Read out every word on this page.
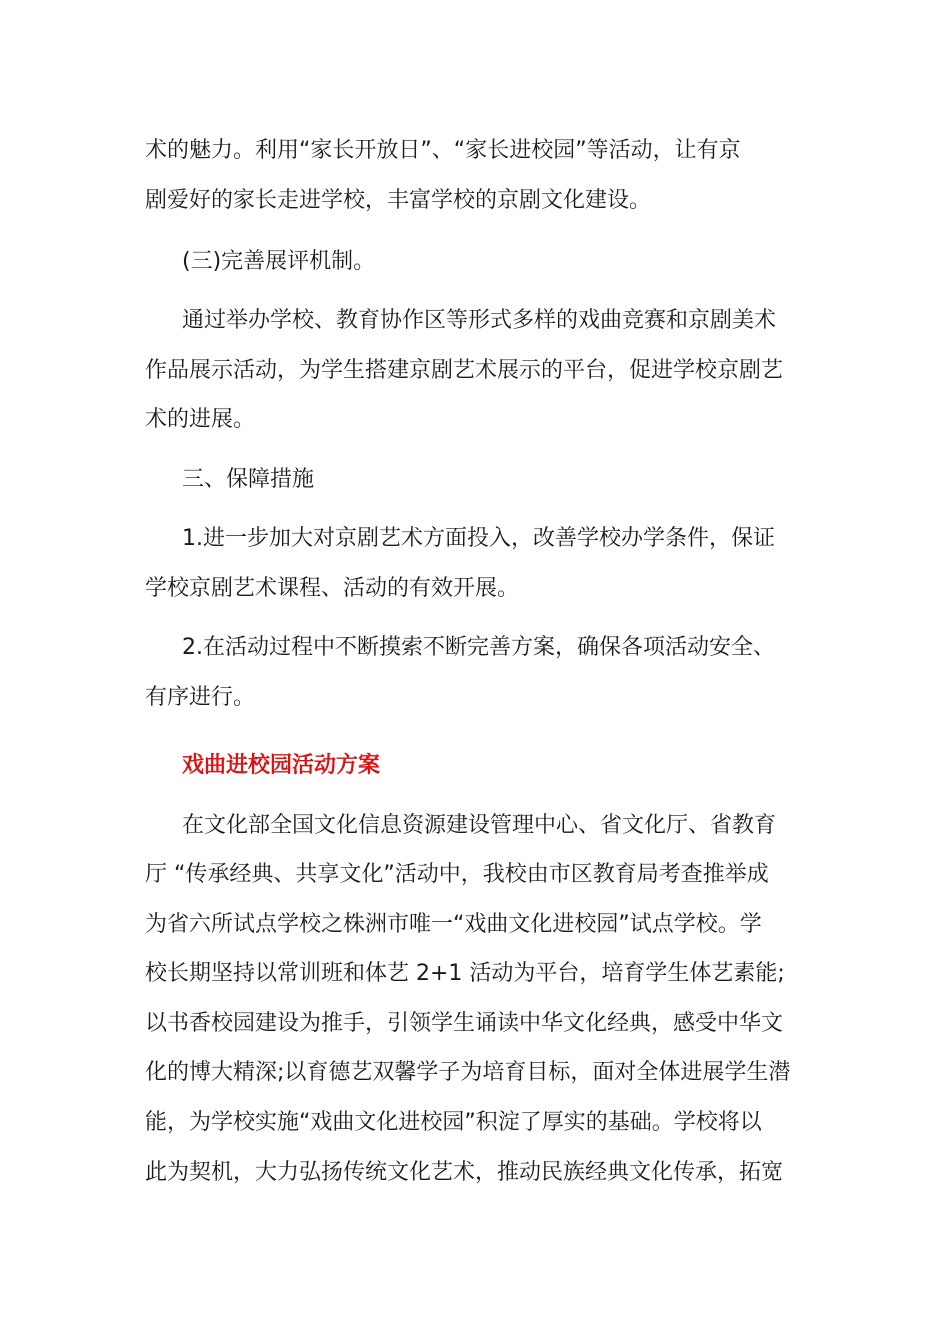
术的魅力。利用“家长开放日”、“家长进校园”等活动，让有京
剧爱好的家长走进学校，丰富学校的京剧文化建设。
(三)完善展评机制。
通过举办学校、教育协作区等形式多样的戏曲竞赛和京剧美术
作品展示活动，为学生搭建京剧艺术展示的平台，促进学校京剧艺
术的进展。
三、保障措施
1.进一步加大对京剧艺术方面投入，改善学校办学条件，保证
学校京剧艺术课程、活动的有效开展。
2.在活动过程中不断摸索不断完善方案，确保各项活动安全、
有序进行。
戏曲进校园活动方案
在文化部全国文化信息资源建设管理中心、省文化厅、省教育
厅 “传承经典、共享文化”活动中，我校由市区教育局考查推举成
为省六所试点学校之株洲市唯一“戏曲文化进校园”试点学校。学
校长期坚持以常训班和体艺 2+1 活动为平台，培育学生体艺素能;
以书香校园建设为推手，引领学生诵读中华文化经典，感受中华文
化的博大精深;以育德艺双馨学子为培育目标，面对全体进展学生潜
能，为学校实施“戏曲文化进校园”积淀了厚实的基础。学校将以
此为契机，大力弘扬传统文化艺术，推动民族经典文化传承，拓宽
